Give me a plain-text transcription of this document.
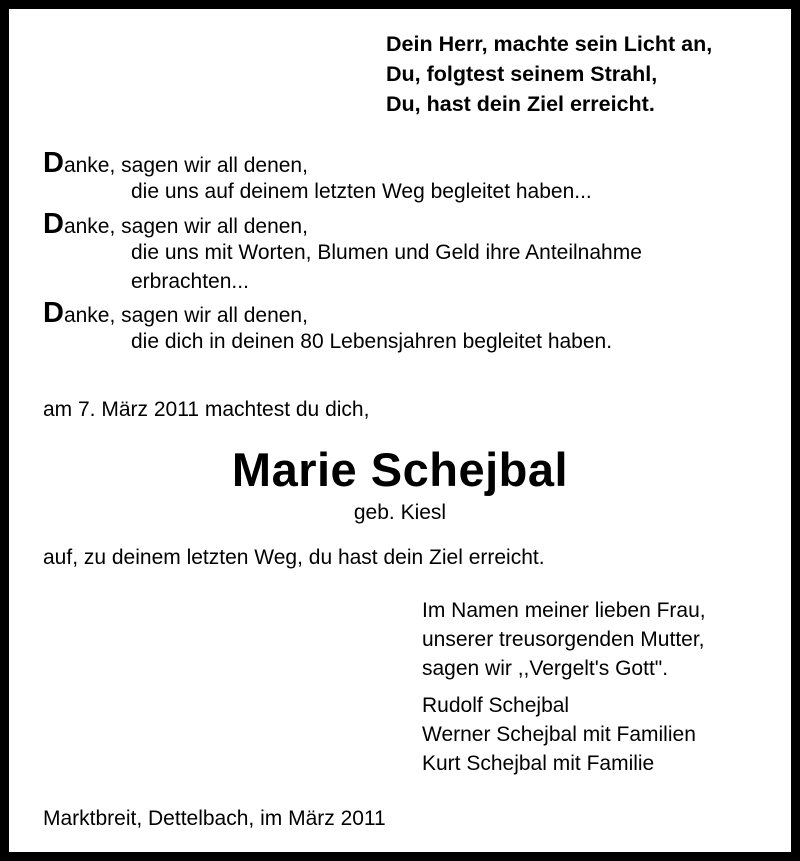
Dein Herr, machte sein Licht an,
Du, folgtest seinem Strahl,
Du, hast dein Ziel erreicht.
Danke, sagen wir all denen,
die uns auf deinem letzten Weg begleitet haben...
Danke, sagen wir all denen,
die uns mit Worten, Blumen und Geld ihre Anteilnahme
erbrachten...
Danke, sagen wir all denen,
die dich in deinen 80 Lebensjahren begleitet haben.
am 7. März 2011 machtest du dich,
Marie Schejbal
geb. Kiesl
auf, zu deinem letzten Weg, du hast dein Ziel erreicht.
Im Namen meiner lieben Frau,
unserer treusorgenden Mutter,
sagen wir ,,Vergelt's Gott".
Rudolf Schejbal
Werner Schejbal mit Familien
Kurt Schejbal mit Familie
Marktbreit, Dettelbach, im März 2011
